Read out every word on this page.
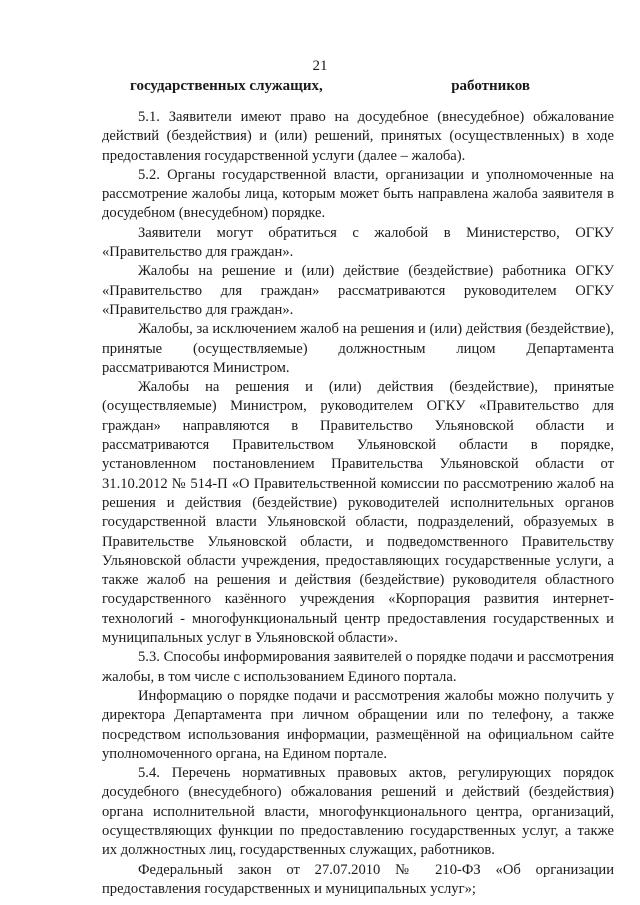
21
государственных служащих,	работников

5.1. Заявители имеют право на досудебное (внесудебное) обжалование действий (бездействия) и (или) решений, принятых (осуществленных) в ходе предоставления государственной услуги (далее – жалоба).

5.2. Органы государственной власти, организации и уполномоченные на рассмотрение жалобы лица, которым может быть направлена жалоба заявителя в досудебном (внесудебном) порядке.

Заявители могут обратиться с жалобой в Министерство, ОГКУ «Правительство для граждан».

Жалобы на решение и (или) действие (бездействие) работника ОГКУ «Правительство для граждан» рассматриваются руководителем ОГКУ «Правительство для граждан».

Жалобы, за исключением жалоб на решения и (или) действия (бездействие), принятые (осуществляемые) должностным лицом Департамента рассматриваются Министром.

Жалобы на решения и (или) действия (бездействие), принятые (осуществляемые) Министром, руководителем ОГКУ «Правительство для граждан» направляются в Правительство Ульяновской области и рассматриваются Правительством Ульяновской области в порядке, установленном постановлением Правительства Ульяновской области от 31.10.2012 № 514-П «О Правительственной комиссии по рассмотрению жалоб на решения и действия (бездействие) руководителей исполнительных органов государственной власти Ульяновской области, подразделений, образуемых в Правительстве Ульяновской области, и подведомственного Правительству Ульяновской области учреждения, предоставляющих государственные услуги, а также жалоб на решения и действия (бездействие) руководителя областного государственного казённого учреждения «Корпорация развития интернет-технологий - многофункциональный центр предоставления государственных и муниципальных услуг в Ульяновской области».

5.3. Способы информирования заявителей о порядке подачи и рассмотрения жалобы, в том числе с использованием Единого портала.

Информацию о порядке подачи и рассмотрения жалобы можно получить у директора Департамента при личном обращении или по телефону, а также посредством использования информации, размещённой на официальном сайте уполномоченного органа, на Едином портале.

5.4. Перечень нормативных правовых актов, регулирующих порядок досудебного (внесудебного) обжалования решений и действий (бездействия) органа исполнительной власти, многофункционального центра, организаций, осуществляющих функции по предоставлению государственных услуг, а также их должностных лиц, государственных служащих, работников.

Федеральный закон от 27.07.2010 № 210-ФЗ «Об организации предоставления государственных и муниципальных услуг»;
